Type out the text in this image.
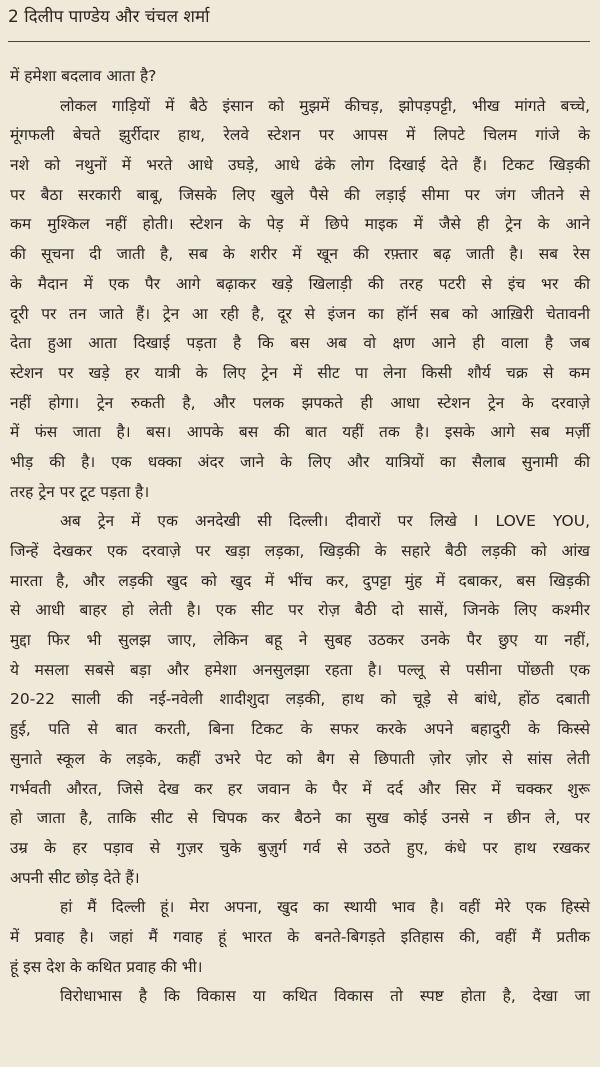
2 दिलीप पाण्डेय और चंचल शर्मा
में हमेशा बदलाव आता है?
लोकल गाड़ियों में बैठे इंसान को मुझमें कीचड़, झोपड़पट्टी, भीख मांगते बच्चे,
मूंगफली बेचते झुर्रीदार हाथ, रेलवे स्टेशन पर आपस में लिपटे चिलम गांजे के
नशे को नथुनों में भरते आधे उघड़े, आधे ढंके लोग दिखाई देते हैं। टिकट खिड़की
पर बैठा सरकारी बाबू, जिसके लिए खुले पैसे की लड़ाई सीमा पर जंग जीतने से
कम मुश्किल नहीं होती। स्टेशन के पेड़ में छिपे माइक में जैसे ही ट्रेन के आने
की सूचना दी जाती है, सब के शरीर में खून की रफ़्तार बढ़ जाती है। सब रेस
के मैदान में एक पैर आगे बढ़ाकर खड़े खिलाड़ी की तरह पटरी से इंच भर की
दूरी पर तन जाते हैं। ट्रेन आ रही है, दूर से इंजन का हॉर्न सब को आख़िरी चेतावनी
देता हुआ आता दिखाई पड़ता है कि बस अब वो क्षण आने ही वाला है जब
स्टेशन पर खड़े हर यात्री के लिए ट्रेन में सीट पा लेना किसी शौर्य चक्र से कम
नहीं होगा। ट्रेन रुकती है, और पलक झपकते ही आधा स्टेशन ट्रेन के दरवाज़े
में फंस जाता है। बस। आपके बस की बात यहीं तक है। इसके आगे सब मर्ज़ी
भीड़ की है। एक धक्का अंदर जाने के लिए और यात्रियों का सैलाब सुनामी की
तरह ट्रेन पर टूट पड़ता है।
अब ट्रेन में एक अनदेखी सी दिल्ली। दीवारों पर लिखे I LOVE YOU,
जिन्हें देखकर एक दरवाज़े पर खड़ा लड़का, खिड़की के सहारे बैठी लड़की को आंख
मारता है, और लड़की खुद को खुद में भींच कर, दुपट्टा मुंह में दबाकर, बस खिड़की
से आधी बाहर हो लेती है। एक सीट पर रोज़ बैठी दो सासें, जिनके लिए कश्मीर
मुद्दा फिर भी सुलझ जाए, लेकिन बहू ने सुबह उठकर उनके पैर छुए या नहीं,
ये मसला सबसे बड़ा और हमेशा अनसुलझा रहता है। पल्लू से पसीना पोंछती एक
20-22 साली की नई-नवेली शादीशुदा लड़की, हाथ को चूड़े से बांधे, होंठ दबाती
हुई, पति से बात करती, बिना टिकट के सफर करके अपने बहादुरी के किस्से
सुनाते स्कूल के लड़के, कहीं उभरे पेट को बैग से छिपाती ज़ोर ज़ोर से सांस लेती
गर्भवती औरत, जिसे देख कर हर जवान के पैर में दर्द और सिर में चक्कर शुरू
हो जाता है, ताकि सीट से चिपक कर बैठने का सुख कोई उनसे न छीन ले, पर
उम्र के हर पड़ाव से गुज़र चुके बुज़ुर्ग गर्व से उठते हुए, कंधे पर हाथ रखकर
अपनी सीट छोड़ देते हैं।
हां मैं दिल्ली हूं। मेरा अपना, खुद का स्थायी भाव है। वहीं मेरे एक हिस्से
में प्रवाह है। जहां मैं गवाह हूं भारत के बनते-बिगड़ते इतिहास की, वहीं मैं प्रतीक
हूं इस देश के कथित प्रवाह की भी।
विरोधाभास है कि विकास या कथित विकास तो स्पष्ट होता है, देखा जा
